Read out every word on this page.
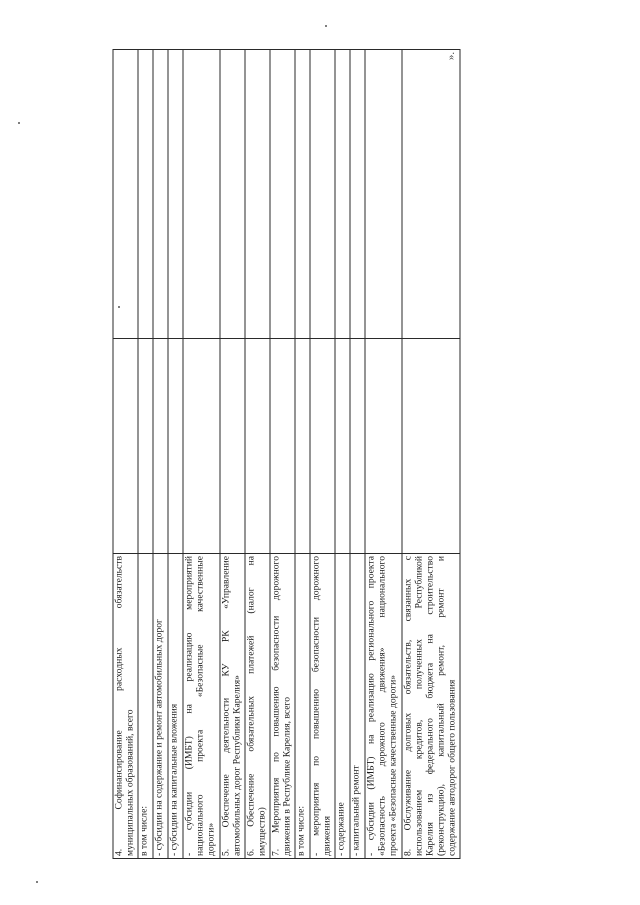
».
4. Софинансирование расходных обязательств муниципальных образований, всего		

в том числе:		

- субсидии на содержание и ремонт автомобильных дорог		

- субсидии на капитальные вложения		

- субсидии (ИМБТ) на реализацию мероприятий национального проекта «Безопасные качественные дороги»		

5. Обеспечение деятельности КУ РК «Управление автомобильных дорог Республики Карелия»		

6. Обеспечение обязательных платежей (налог на имущество)		

7. Мероприятия по повышению безопасности дорожного движения в Республике Карелия, всего		

в том числе:		

- мероприятия по повышению безопасности дорожного движения		

- содержание		

- капитальный ремонт		

- субсидии (ИМБТ) на реализацию регионального проекта «Безопасность дорожного движения» национального проекта «Безопасные качественные дороги»		

8. Обслуживание долговых обязательств, связанных с использованием кредитов, полученных Республикой Карелия из федерального бюджета на строительство (реконструкцию), капитальный ремонт, ремонт и содержание автодорог общего пользования		
